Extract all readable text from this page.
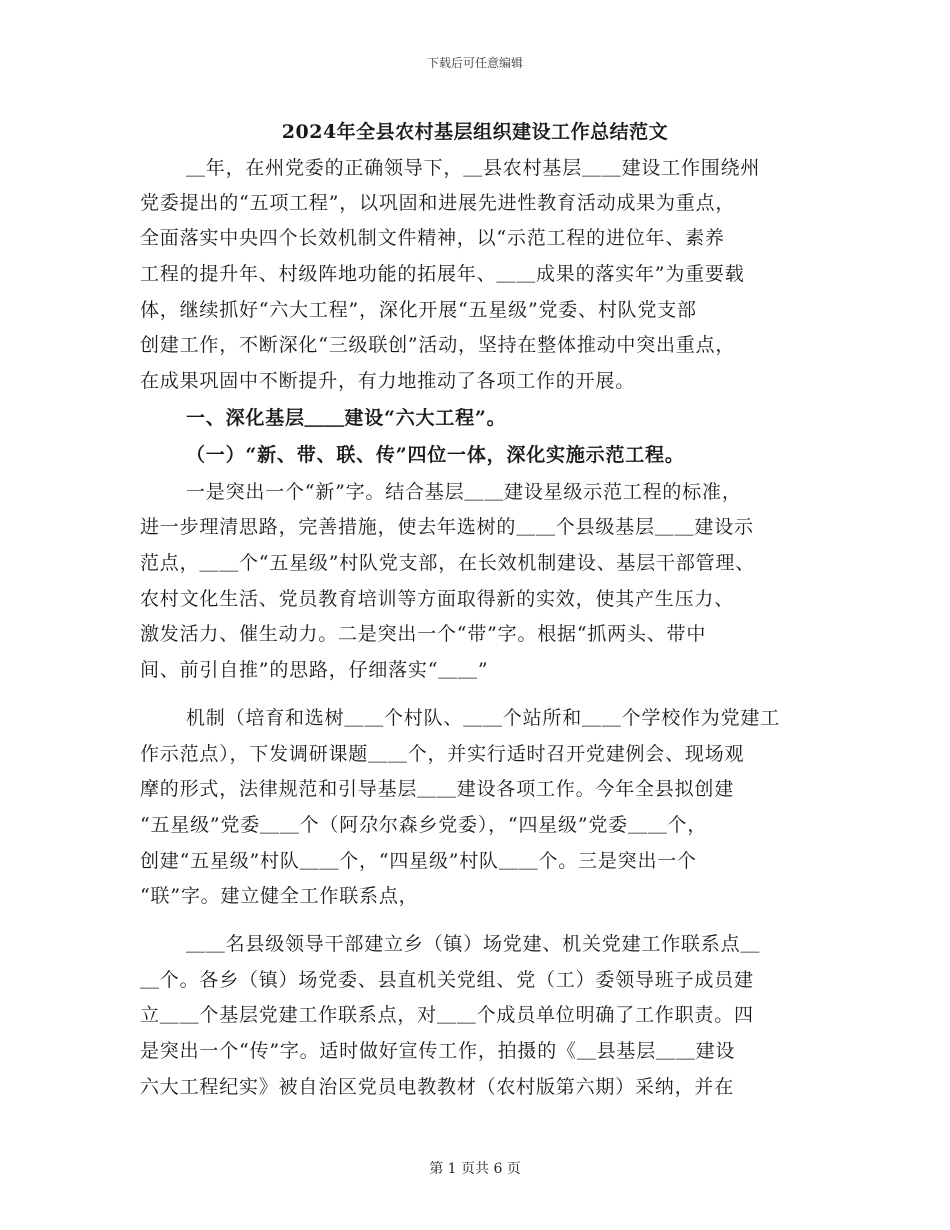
下载后可任意编辑
2024年全县农村基层组织建设工作总结范文
＿年，在州党委的正确领导下，＿县农村基层＿＿建设工作围绕州
党委提出的“五项工程”，以巩固和进展先进性教育活动成果为重点，
全面落实中央四个长效机制文件精神，以“示范工程的进位年、素养
工程的提升年、村级阵地功能的拓展年、＿＿成果的落实年”为重要载
体，继续抓好“六大工程”，深化开展“五星级”党委、村队党支部
创建工作，不断深化“三级联创”活动，坚持在整体推动中突出重点，
在成果巩固中不断提升，有力地推动了各项工作的开展。
一、深化基层＿＿建设“六大工程”。
（一）“新、带、联、传”四位一体，深化实施示范工程。
一是突出一个“新”字。结合基层＿＿建设星级示范工程的标准，
进一步理清思路，完善措施，使去年选树的＿＿个县级基层＿＿建设示
范点，＿＿个“五星级”村队党支部，在长效机制建设、基层干部管理、
农村文化生活、党员教育培训等方面取得新的实效，使其产生压力、
激发活力、催生动力。二是突出一个“带”字。根据“抓两头、带中
间、前引自推”的思路，仔细落实“＿＿”
机制（培育和选树＿＿个村队、＿＿个站所和＿＿个学校作为党建工
作示范点），下发调研课题＿＿个，并实行适时召开党建例会、现场观
摩的形式，法律规范和引导基层＿＿建设各项工作。今年全县拟创建
“五星级”党委＿＿个（阿尕尔森乡党委），“四星级”党委＿＿个，
创建“五星级”村队＿＿个，“四星级”村队＿＿个。三是突出一个
“联”字。建立健全工作联系点，
＿＿名县级领导干部建立乡（镇）场党建、机关党建工作联系点＿
＿个。各乡（镇）场党委、县直机关党组、党（工）委领导班子成员建
立＿＿个基层党建工作联系点，对＿＿个成员单位明确了工作职责。四
是突出一个“传”字。适时做好宣传工作，拍摄的《＿县基层＿＿建设
六大工程纪实》被自治区党员电教教材（农村版第六期）采纳，并在
第 1 页共 6 页
